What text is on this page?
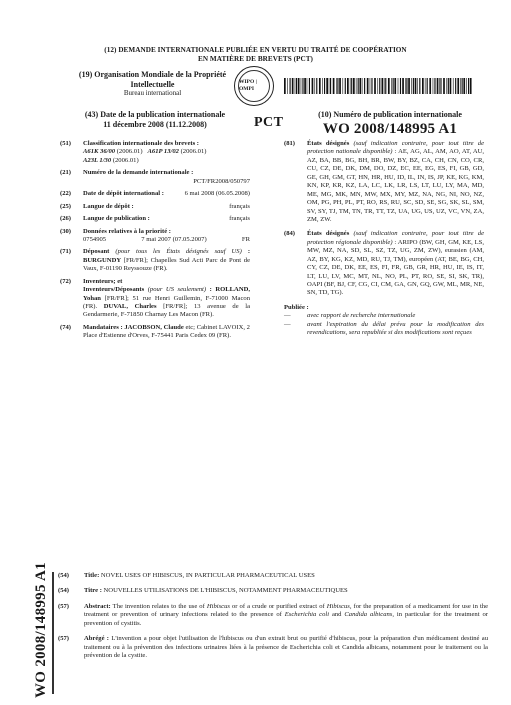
(12) DEMANDE INTERNATIONALE PUBLIÉE EN VERTU DU TRAITÉ DE COOPÉRATION
EN MATIÈRE DE BREVETS (PCT)
(19) Organisation Mondiale de la Propriété Intellectuelle
Bureau international
WIPO | OMPI
(43) Date de la publication internationale
11 décembre 2008 (11.12.2008)	PCT
(10) Numéro de publication internationale
WO 2008/148995 A1
(51)	Classification internationale des brevets :
A61K 36/00 (2006.01) A61P 13/02 (2006.01)
A23L 1/30 (2006.01)
(21)	Numéro de la demande internationale :
PCT/FR2008/050797
(22)	Date de dépôt international :	6 mai 2008 (06.05.2008)
(25)	Langue de dépôt :	français
(26)	Langue de publication :	français
(30)	Données relatives à la priorité :
0754905	7 mai 2007 (07.05.2007)	FR
(71)	Déposant (pour tous les États désignés sauf US) : BURGUNDY [FR/FR]; Chapelles Sud Acti Parc de Pont de Vaux, F-01190 Reyssouze (FR).
(72)	Inventeurs; et
Inventeurs/Déposants (pour US seulement) : ROLLAND, Yohan [FR/FR]; 51 rue Henri Guillemin, F-71000 Macon (FR). DUVAL, Charles [FR/FR]; 13 avenue de la Gendarmerie, F-71850 Charnay Les Macon (FR).
(74)	Mandataires : JACOBSON, Claude etc; Cabinet LAVOIX, 2 Place d'Estienne d'Orves, F-75441 Paris Cedex 09 (FR).
(81)	États désignés (sauf indication contraire, pour tout titre de protection nationale disponible) : AE, AG, AL, AM, AO, AT, AU, AZ, BA, BB, BG, BH, BR, BW, BY, BZ, CA, CH, CN, CO, CR, CU, CZ, DE, DK, DM, DO, DZ, EC, EE, EG, ES, FI, GB, GD, GE, GH, GM, GT, HN, HR, HU, ID, IL, IN, IS, JP, KE, KG, KM, KN, KP, KR, KZ, LA, LC, LK, LR, LS, LT, LU, LY, MA, MD, ME, MG, MK, MN, MW, MX, MY, MZ, NA, NG, NI, NO, NZ, OM, PG, PH, PL, PT, RO, RS, RU, SC, SD, SE, SG, SK, SL, SM, SV, SY, TJ, TM, TN, TR, TT, TZ, UA, UG, US, UZ, VC, VN, ZA, ZM, ZW.
(84)	États désignés (sauf indication contraire, pour tout titre de protection régionale disponible) : ARIPO (BW, GH, GM, KE, LS, MW, MZ, NA, SD, SL, SZ, TZ, UG, ZM, ZW), eurasien (AM, AZ, BY, KG, KZ, MD, RU, TJ, TM), européen (AT, BE, BG, CH, CY, CZ, DE, DK, EE, ES, FI, FR, GB, GR, HR, HU, IE, IS, IT, LT, LU, LV, MC, MT, NL, NO, PL, PT, RO, SE, SI, SK, TR), OAPI (BF, BJ, CF, CG, CI, CM, GA, GN, GQ, GW, ML, MR, NE, SN, TD, TG).
Publiée :
—	avec rapport de recherche internationale
—	avant l'expiration du délai prévu pour la modification des revendications, sera republiée si des modifications sont reçues
WO 2008/148995 A1	(54)	Title: NOVEL USES OF HIBISCUS, IN PARTICULAR PHARMACEUTICAL USES
(54)	Titre : NOUVELLES UTILISATIONS DE L'HIBISCUS, NOTAMMENT PHARMACEUTIQUES
(57)	Abstract: The invention relates to the use of Hibiscus or of a crude or purified extract of Hibiscus, for the preparation of a medicament for use in the treatment or prevention of urinary infections related to the presence of Escherichia coli and Candida albicans, in particular for the treatment or prevention of cystitis.
(57)	Abrégé : L'invention a pour objet l'utilisation de l'hibiscus ou d'un extrait brut ou purifié d'hibiscus, pour la préparation d'un médicament destiné au traitement ou à la prévention des infections urinaires liées à la présence de Escherichia coli et Candida albicans, notamment pour le traitement ou la prévention de la cystite.
